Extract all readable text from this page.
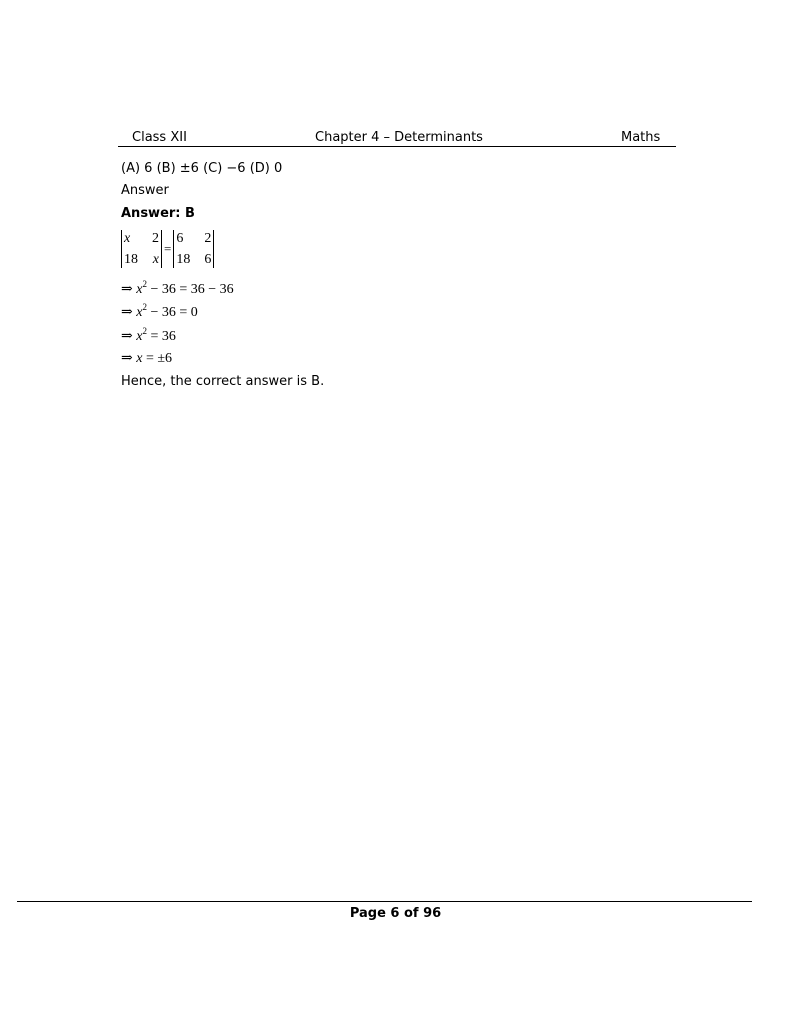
Class XII	Chapter 4 – Determinants	Maths
(A) 6 (B) ±6 (C) −6 (D) 0
Answer
Answer: B
x	2
18 x
=
6	2
18 6
⇒ $x^2 - 36 = 36 - 36$
⇒ $x^2 - 36 = 0$
⇒ $x^2 = 36$
⇒ x = ±6
Hence, the correct answer is B.
Page 6 of 96
